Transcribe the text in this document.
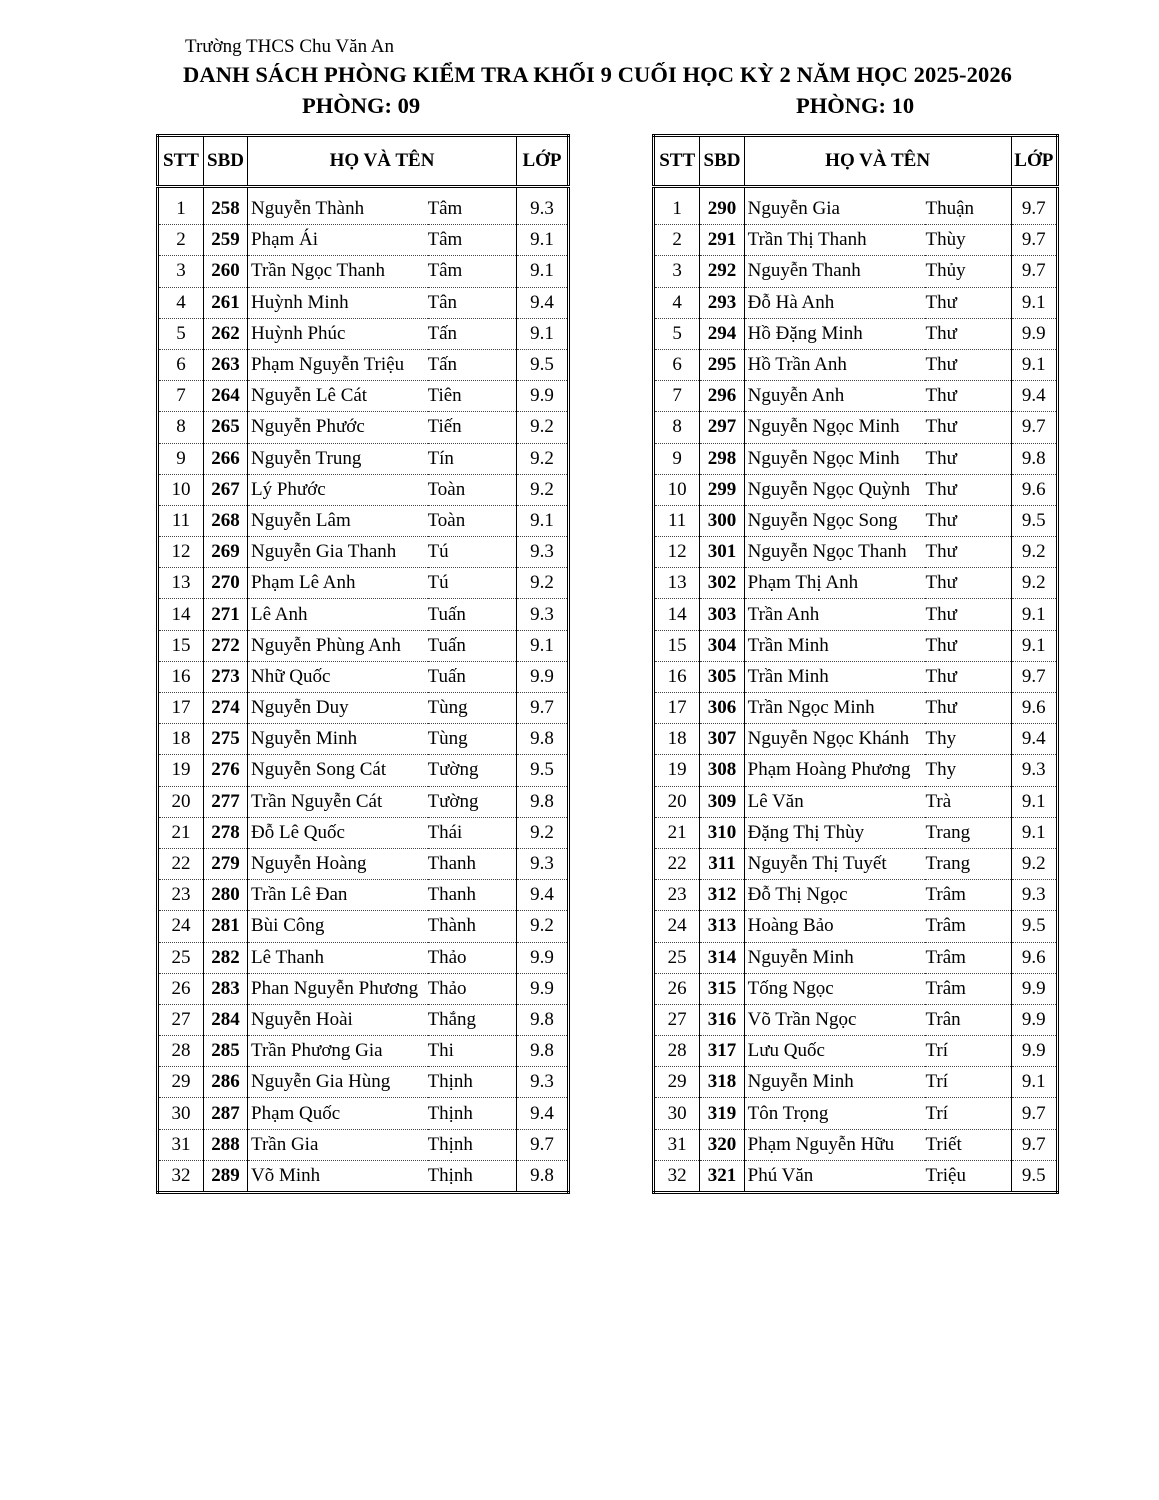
Trường THCS Chu Văn An
DANH SÁCH PHÒNG KIỂM TRA KHỐI 9 CUỐI HỌC KỲ 2 NĂM HỌC 2025-2026
PHÒNG: 09	PHÒNG: 10
STT	SBD	HỌ VÀ TÊN		LỚP

1	258	Nguyễn Thành	Tâm	9.3
2	259	Phạm Ái	Tâm	9.1
3	260	Trần Ngọc Thanh	Tâm	9.1
4	261	Huỳnh Minh	Tân	9.4
5	262	Huỳnh Phúc	Tấn	9.1
6	263	Phạm Nguyễn Triệu	Tấn	9.5
7	264	Nguyễn Lê Cát	Tiên	9.9
8	265	Nguyễn Phước	Tiến	9.2
9	266	Nguyễn Trung	Tín	9.2
10	267	Lý Phước	Toàn	9.2
11	268	Nguyễn Lâm	Toàn	9.1
12	269	Nguyễn Gia Thanh	Tú	9.3
13	270	Phạm Lê Anh	Tú	9.2
14	271	Lê Anh	Tuấn	9.3
15	272	Nguyễn Phùng Anh	Tuấn	9.1
16	273	Nhữ Quốc	Tuấn	9.9
17	274	Nguyễn Duy	Tùng	9.7
18	275	Nguyễn Minh	Tùng	9.8
19	276	Nguyễn Song Cát	Tường	9.5
20	277	Trần Nguyễn Cát	Tường	9.8
21	278	Đỗ Lê Quốc	Thái	9.2
22	279	Nguyễn Hoàng	Thanh	9.3
23	280	Trần Lê Đan	Thanh	9.4
24	281	Bùi Công	Thành	9.2
25	282	Lê Thanh	Thảo	9.9
26	283	Phan Nguyễn Phương	Thảo	9.9
27	284	Nguyễn Hoài	Thắng	9.8
28	285	Trần Phương Gia	Thi	9.8
29	286	Nguyễn Gia Hùng	Thịnh	9.3
30	287	Phạm Quốc	Thịnh	9.4
31	288	Trần Gia	Thịnh	9.7
32	289	Võ Minh	Thịnh	9.8
STT	SBD	HỌ VÀ TÊN		LỚP

1	290	Nguyễn Gia	Thuận	9.7
2	291	Trần Thị Thanh	Thùy	9.7
3	292	Nguyễn Thanh	Thủy	9.7
4	293	Đỗ Hà Anh	Thư	9.1
5	294	Hồ Đặng Minh	Thư	9.9
6	295	Hồ Trần Anh	Thư	9.1
7	296	Nguyễn Anh	Thư	9.4
8	297	Nguyễn Ngọc Minh	Thư	9.7
9	298	Nguyễn Ngọc Minh	Thư	9.8
10	299	Nguyễn Ngọc Quỳnh	Thư	9.6
11	300	Nguyễn Ngọc Song	Thư	9.5
12	301	Nguyễn Ngọc Thanh	Thư	9.2
13	302	Phạm Thị Anh	Thư	9.2
14	303	Trần Anh	Thư	9.1
15	304	Trần Minh	Thư	9.1
16	305	Trần Minh	Thư	9.7
17	306	Trần Ngọc Minh	Thư	9.6
18	307	Nguyễn Ngọc Khánh	Thy	9.4
19	308	Phạm Hoàng Phương	Thy	9.3
20	309	Lê Văn	Trà	9.1
21	310	Đặng Thị Thùy	Trang	9.1
22	311	Nguyễn Thị Tuyết	Trang	9.2
23	312	Đỗ Thị Ngọc	Trâm	9.3
24	313	Hoàng Bảo	Trâm	9.5
25	314	Nguyễn Minh	Trâm	9.6
26	315	Tống Ngọc	Trâm	9.9
27	316	Võ Trần Ngọc	Trân	9.9
28	317	Lưu Quốc	Trí	9.9
29	318	Nguyễn Minh	Trí	9.1
30	319	Tôn Trọng	Trí	9.7
31	320	Phạm Nguyễn Hữu	Triết	9.7
32	321	Phú Văn	Triệu	9.5
